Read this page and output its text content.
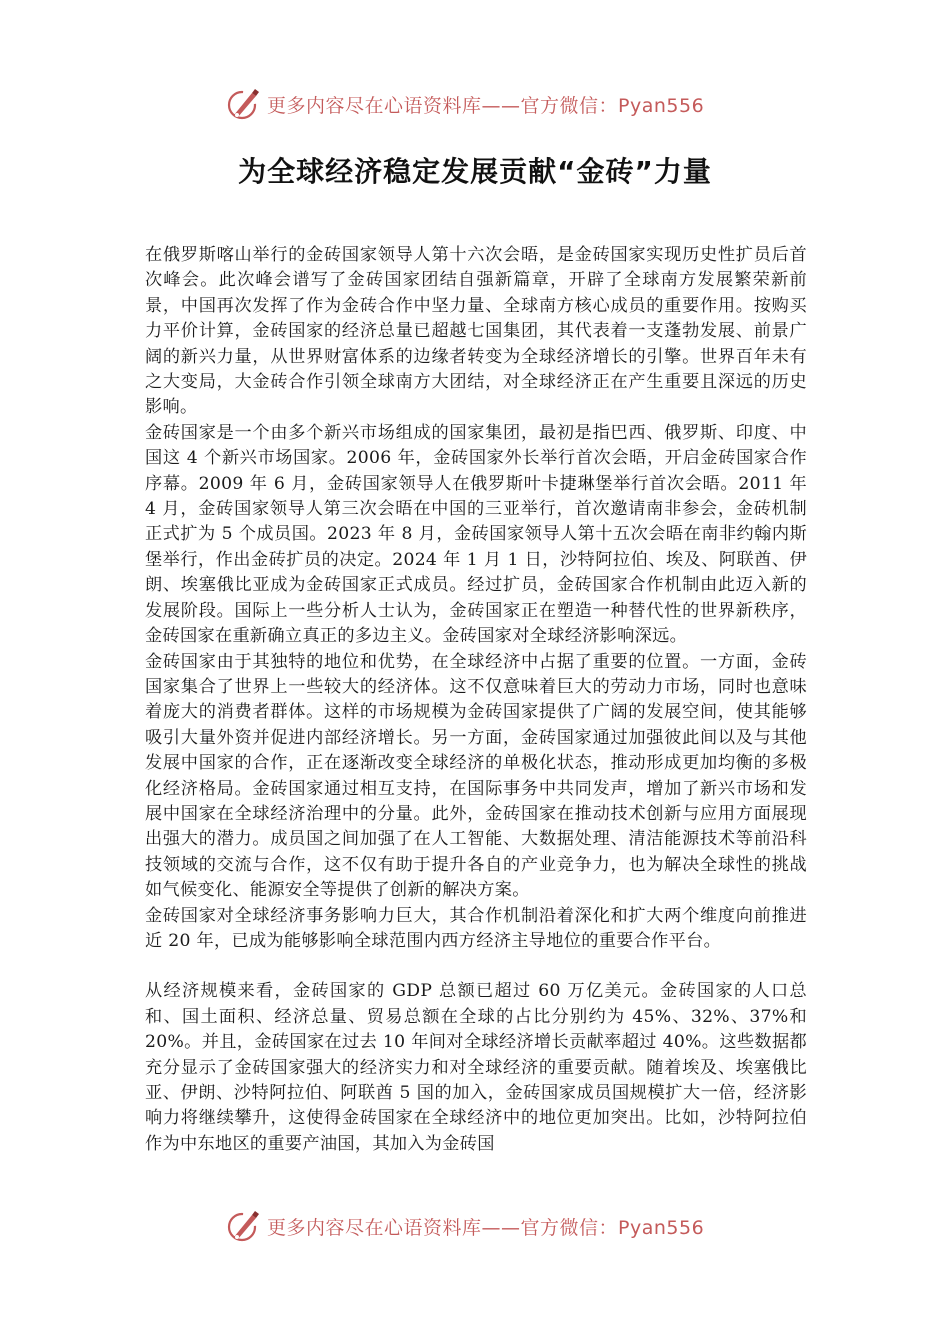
更多内容尽在心语资料库——官方微信：Pyan556
为全球经济稳定发展贡献“金砖”力量

在俄罗斯喀山举行的金砖国家领导人第十六次会晤，是金砖国家实现历史性扩员后首次峰会。此次峰会谱写了金砖国家团结自强新篇章，开辟了全球南方发展繁荣新前景，中国再次发挥了作为金砖合作中坚力量、全球南方核心成员的重要作用。按购买力平价计算，金砖国家的经济总量已超越七国集团，其代表着一支蓬勃发展、前景广阔的新兴力量，从世界财富体系的边缘者转变为全球经济增长的引擎。世界百年未有之大变局，大金砖合作引领全球南方大团结，对全球经济正在产生重要且深远的历史影响。

金砖国家是一个由多个新兴市场组成的国家集团，最初是指巴西、俄罗斯、印度、中国这 4 个新兴市场国家。2006 年，金砖国家外长举行首次会晤，开启金砖国家合作序幕。2009 年 6 月，金砖国家领导人在俄罗斯叶卡捷琳堡举行首次会晤。2011 年 4 月，金砖国家领导人第三次会晤在中国的三亚举行，首次邀请南非参会，金砖机制正式扩为 5 个成员国。2023 年 8 月，金砖国家领导人第十五次会晤在南非约翰内斯堡举行，作出金砖扩员的决定。2024 年 1 月 1 日，沙特阿拉伯、埃及、阿联酋、伊朗、埃塞俄比亚成为金砖国家正式成员。经过扩员，金砖国家合作机制由此迈入新的发展阶段。国际上一些分析人士认为，金砖国家正在塑造一种替代性的世界新秩序，金砖国家在重新确立真正的多边主义。金砖国家对全球经济影响深远。

金砖国家由于其独特的地位和优势，在全球经济中占据了重要的位置。一方面，金砖国家集合了世界上一些较大的经济体。这不仅意味着巨大的劳动力市场，同时也意味着庞大的消费者群体。这样的市场规模为金砖国家提供了广阔的发展空间，使其能够吸引大量外资并促进内部经济增长。另一方面，金砖国家通过加强彼此间以及与其他发展中国家的合作，正在逐渐改变全球经济的单极化状态，推动形成更加均衡的多极化经济格局。金砖国家通过相互支持，在国际事务中共同发声，增加了新兴市场和发展中国家在全球经济治理中的分量。此外，金砖国家在推动技术创新与应用方面展现出强大的潜力。成员国之间加强了在人工智能、大数据处理、清洁能源技术等前沿科技领域的交流与合作，这不仅有助于提升各自的产业竞争力，也为解决全球性的挑战如气候变化、能源安全等提供了创新的解决方案。

金砖国家对全球经济事务影响力巨大，其合作机制沿着深化和扩大两个维度向前推进近 20 年，已成为能够影响全球范围内西方经济主导地位的重要合作平台。

从经济规模来看，金砖国家的 GDP 总额已超过 60 万亿美元。金砖国家的人口总和、国土面积、经济总量、贸易总额在全球的占比分别约为 45%、32%、37%和 20%。并且，金砖国家在过去 10 年间对全球经济增长贡献率超过 40%。这些数据都充分显示了金砖国家强大的经济实力和对全球经济的重要贡献。随着埃及、埃塞俄比亚、伊朗、沙特阿拉伯、阿联酋 5 国的加入，金砖国家成员国规模扩大一倍，经济影响力将继续攀升，这使得金砖国家在全球经济中的地位更加突出。比如，沙特阿拉伯作为中东地区的重要产油国，其加入为金砖国

更多内容尽在心语资料库——官方微信：Pyan556
